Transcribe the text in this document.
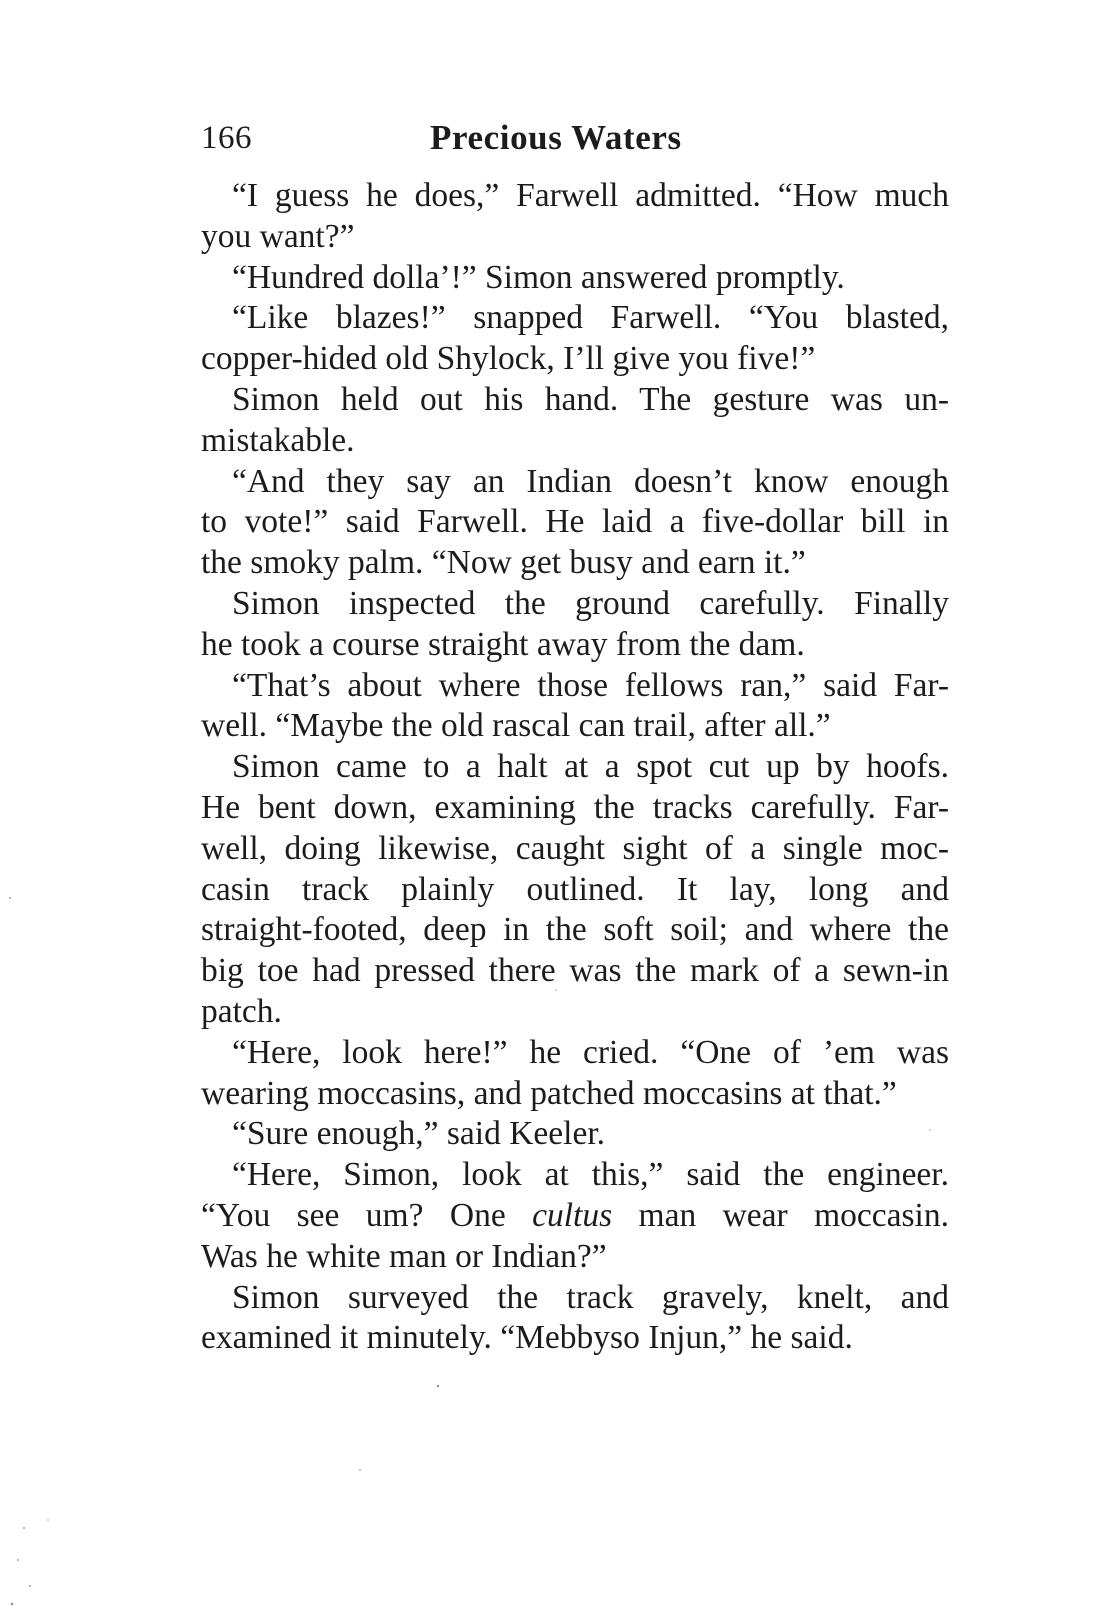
166	Precious Waters

“I guess he does,” Farwell admitted. “How much
you want?”

“Hundred dolla’!” Simon answered promptly.

“Like blazes!” snapped Farwell. “You blasted,
copper-hided old Shylock, I’ll give you five!”

Simon held out his hand. The gesture was un-
mistakable.

“And they say an Indian doesn’t know enough
to vote!” said Farwell. He laid a five-dollar bill in
the smoky palm. “Now get busy and earn it.”

Simon inspected the ground carefully. Finally
he took a course straight away from the dam.

“That’s about where those fellows ran,” said Far-
well. “Maybe the old rascal can trail, after all.”

Simon came to a halt at a spot cut up by hoofs.
He bent down, examining the tracks carefully. Far-
well, doing likewise, caught sight of a single moc-
casin track plainly outlined. It lay, long and
straight-footed, deep in the soft soil; and where the
big toe had pressed there was the mark of a sewn-in
patch.

“Here, look here!” he cried. “One of ’em was
wearing moccasins, and patched moccasins at that.”

“Sure enough,” said Keeler.

“Here, Simon, look at this,” said the engineer.
“You see um? One cultus man wear moccasin.
Was he white man or Indian?”

Simon surveyed the track gravely, knelt, and
examined it minutely. “Mebbyso Injun,” he said.
